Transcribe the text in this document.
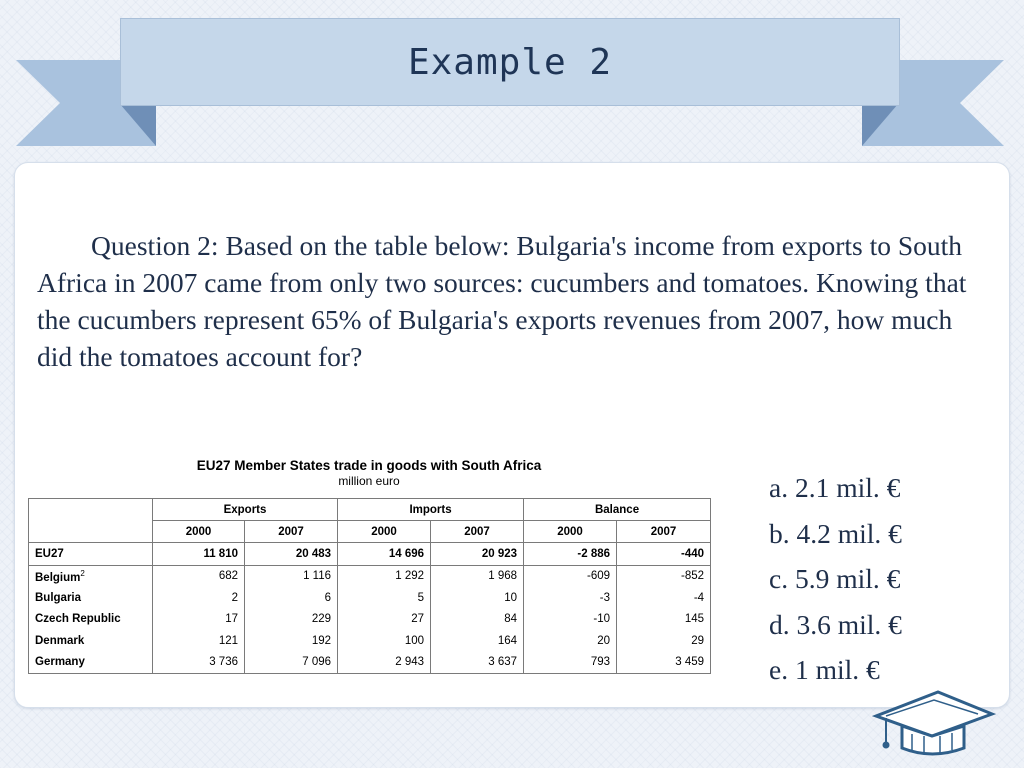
Example 2

Question 2: Based on the table below: Bulgaria's income from exports to South Africa in 2007 came from only two sources: cucumbers and tomatoes. Knowing that the cucumbers represent 65% of Bulgaria's exports revenues from 2007, how much did the tomatoes account for?

EU27 Member States trade in goods with South Africa
million euro
	Exports		Imports		Balance	
	2000	2007	2000	2007	2000	2007
EU27	11 810	20 483	14 696	20 923	-2 886	-440
Belgium$^2$	682	1 116	1 292	1 968	-609	-852
Bulgaria	2	6	5	10	-3	-4
Czech Republic	17	229	27	84	-10	145
Denmark	121	192	100	164	20	29
Germany	3 736	7 096	2 943	3 637	793	3 459
a. 2.1 mil. €
b. 4.2 mil. €
c. 5.9 mil. €
d. 3.6 mil. €
e. 1 mil. €
